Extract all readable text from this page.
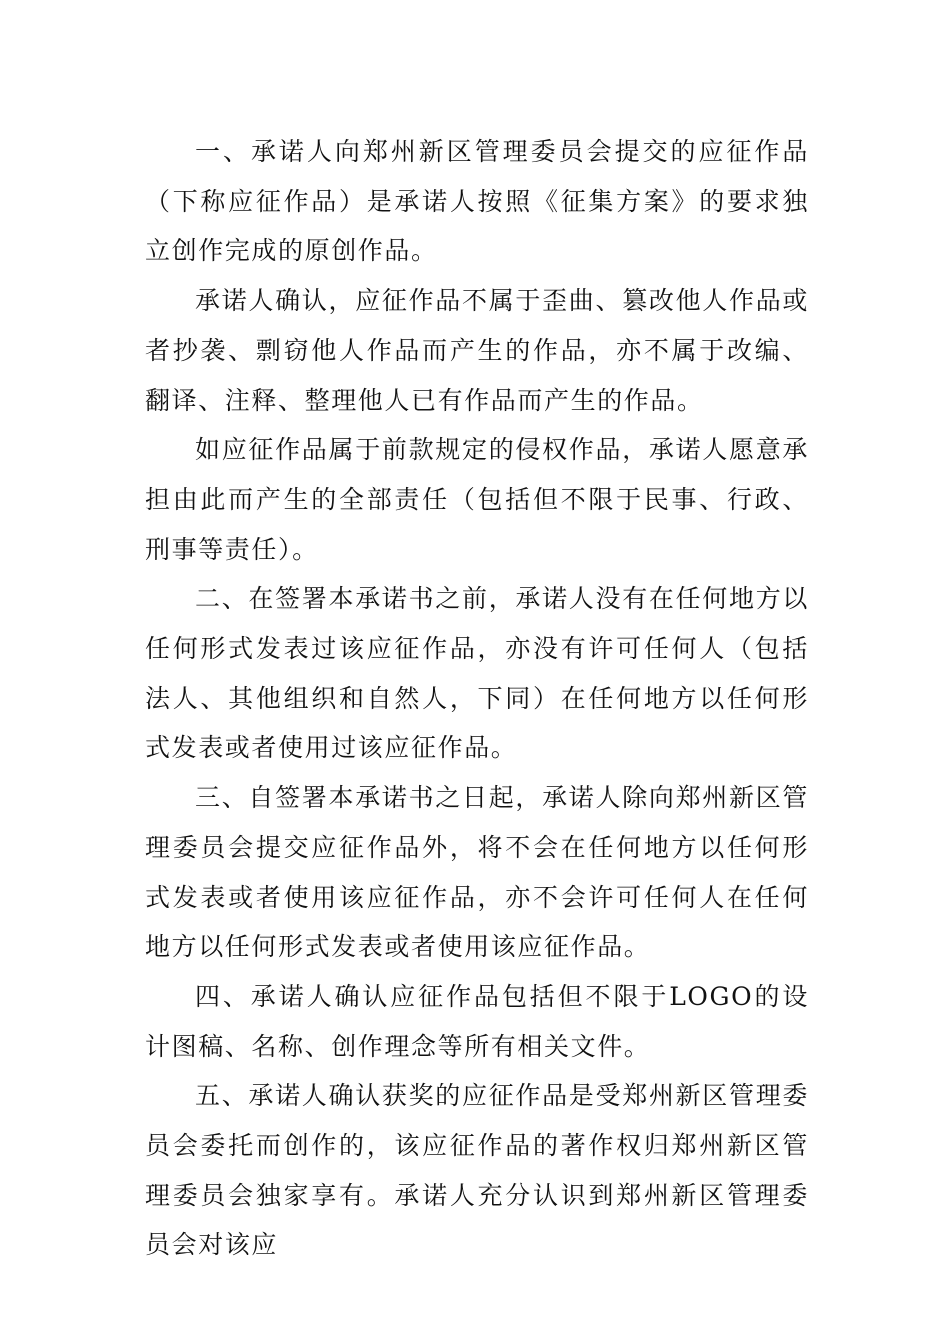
一、承诺人向郑州新区管理委员会提交的应征作品（下称应征作品）是承诺人按照《征集方案》的要求独立创作完成的原创作品。

承诺人确认，应征作品不属于歪曲、篡改他人作品或者抄袭、剽窃他人作品而产生的作品，亦不属于改编、翻译、注释、整理他人已有作品而产生的作品。

如应征作品属于前款规定的侵权作品，承诺人愿意承担由此而产生的全部责任（包括但不限于民事、行政、刑事等责任）。

二、在签署本承诺书之前，承诺人没有在任何地方以任何形式发表过该应征作品，亦没有许可任何人（包括法人、其他组织和自然人，下同）在任何地方以任何形式发表或者使用过该应征作品。

三、自签署本承诺书之日起，承诺人除向郑州新区管理委员会提交应征作品外，将不会在任何地方以任何形式发表或者使用该应征作品，亦不会许可任何人在任何地方以任何形式发表或者使用该应征作品。

四、承诺人确认应征作品包括但不限于LOGO的设计图稿、名称、创作理念等所有相关文件。

五、承诺人确认获奖的应征作品是受郑州新区管理委员会委托而创作的，该应征作品的著作权归郑州新区管理委员会独家享有。承诺人充分认识到郑州新区管理委员会对该应
